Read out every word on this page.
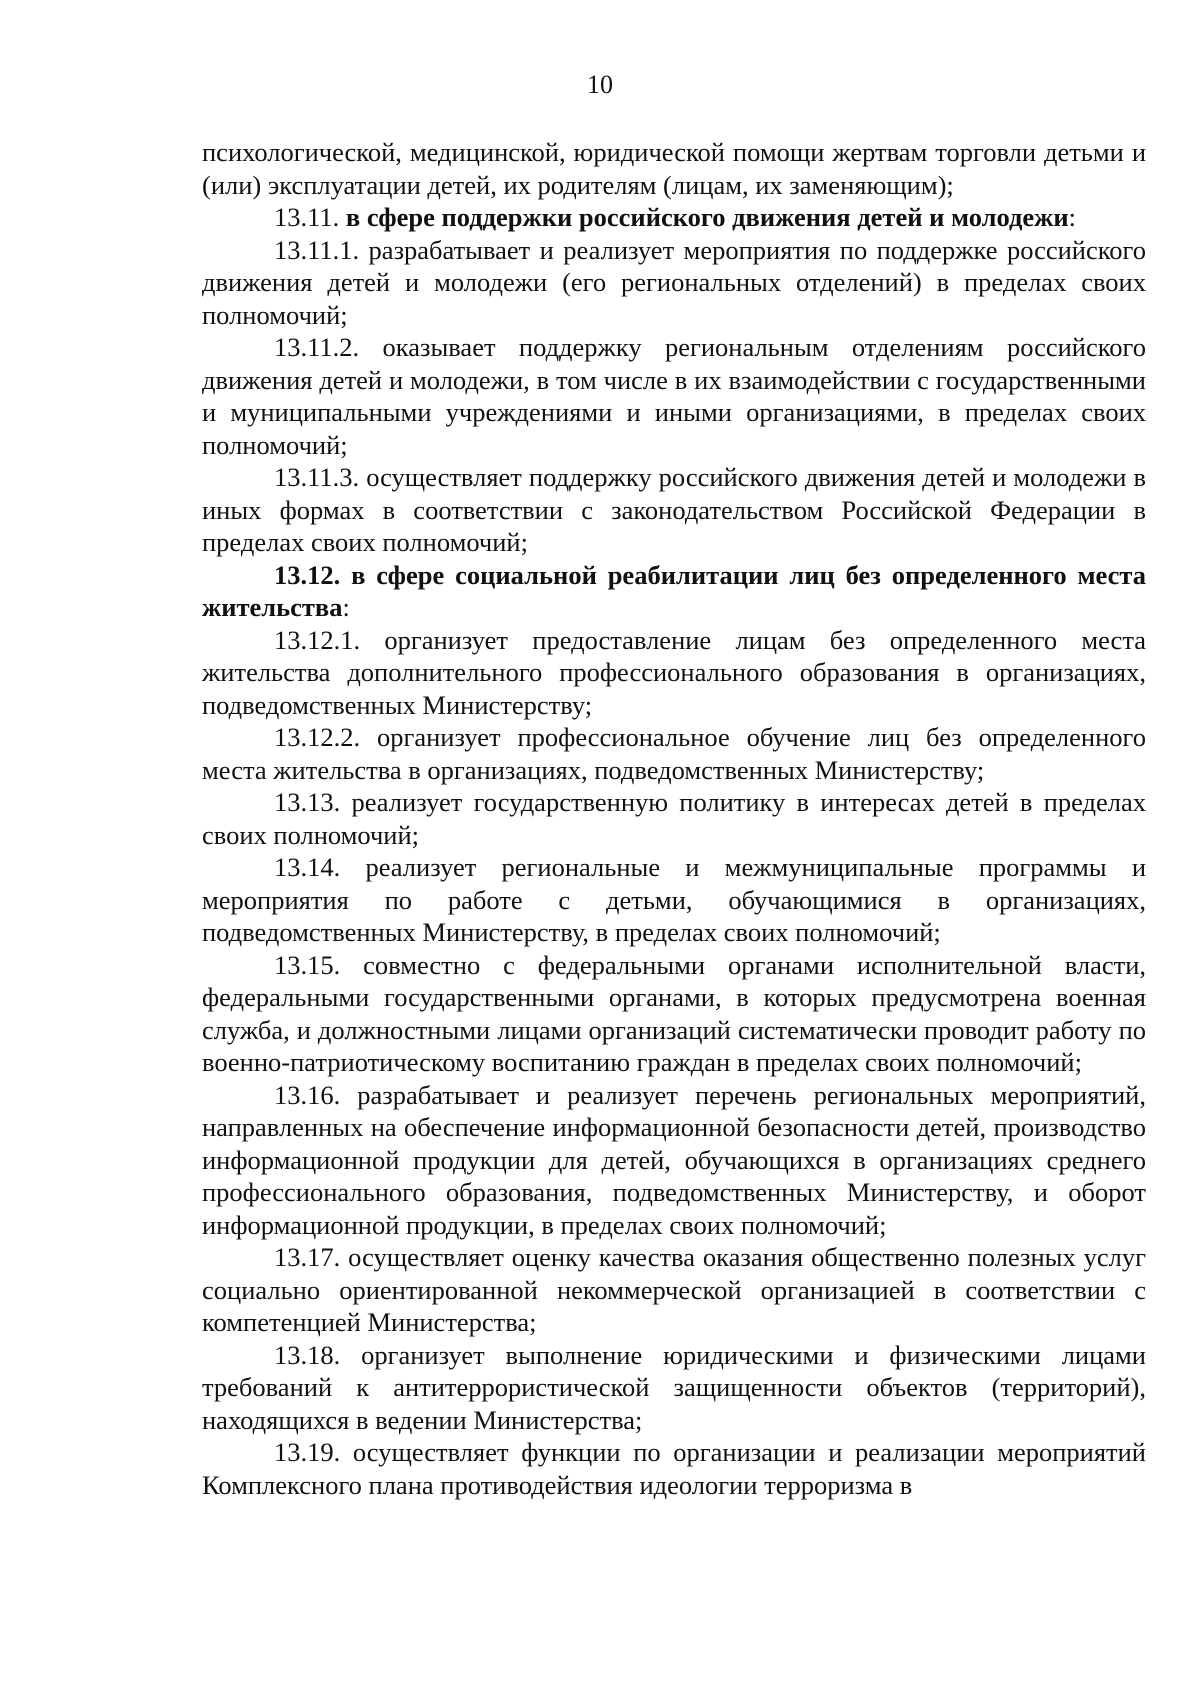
10

психологической, медицинской, юридической помощи жертвам торговли детьми и (или) эксплуатации детей, их родителям (лицам, их заменяющим);

13.11. в сфере поддержки российского движения детей и молодежи:

13.11.1. разрабатывает и реализует мероприятия по поддержке российского движения детей и молодежи (его региональных отделений) в пределах своих полномочий;

13.11.2. оказывает поддержку региональным отделениям российского движения детей и молодежи, в том числе в их взаимодействии с государственными и муниципальными учреждениями и иными организациями, в пределах своих полномочий;

13.11.3. осуществляет поддержку российского движения детей и молодежи в иных формах в соответствии с законодательством Российской Федерации в пределах своих полномочий;

13.12. в сфере социальной реабилитации лиц без определенного места жительства:

13.12.1. организует предоставление лицам без определенного места жительства дополнительного профессионального образования в организациях, подведомственных Министерству;

13.12.2. организует профессиональное обучение лиц без определенного места жительства в организациях, подведомственных Министерству;

13.13. реализует государственную политику в интересах детей в пределах своих полномочий;

13.14. реализует региональные и межмуниципальные программы и мероприятия по работе с детьми, обучающимися в организациях, подведомственных Министерству, в пределах своих полномочий;

13.15. совместно с федеральными органами исполнительной власти, федеральными государственными органами, в которых предусмотрена военная служба, и должностными лицами организаций систематически проводит работу по военно-патриотическому воспитанию граждан в пределах своих полномочий;

13.16. разрабатывает и реализует перечень региональных мероприятий, направленных на обеспечение информационной безопасности детей, производство информационной продукции для детей, обучающихся в организациях среднего профессионального образования, подведомственных Министерству, и оборот информационной продукции, в пределах своих полномочий;

13.17. осуществляет оценку качества оказания общественно полезных услуг социально ориентированной некоммерческой организацией в соответствии с компетенцией Министерства;

13.18. организует выполнение юридическими и физическими лицами требований к антитеррористической защищенности объектов (территорий), находящихся в ведении Министерства;

13.19. осуществляет функции по организации и реализации мероприятий Комплексного плана противодействия идеологии терроризма в
